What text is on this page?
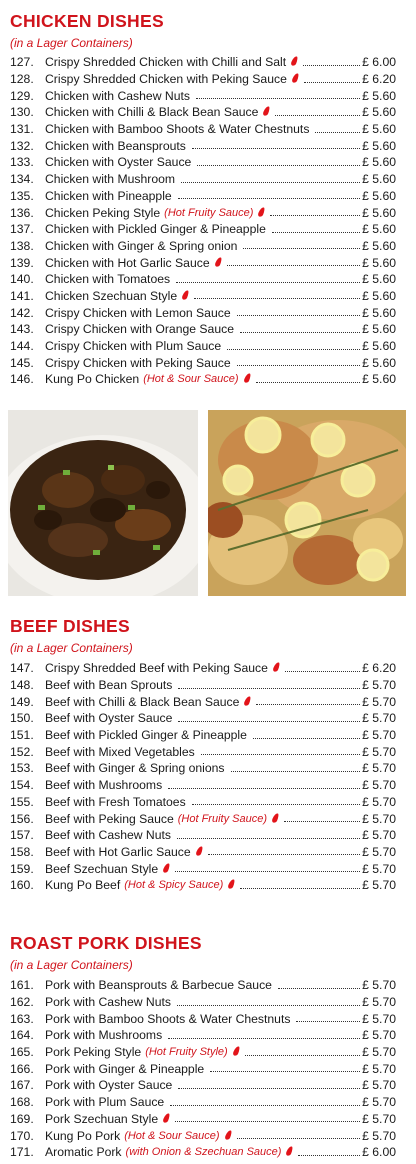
CHICKEN DISHES
(in a Lager Containers)
127. Crispy Shredded Chicken with Chilli and Salt	£ 6.00
128. Crispy Shredded Chicken with Peking Sauce	£ 6.20
129. Chicken with Cashew Nuts	£ 5.60
130. Chicken with Chilli & Black Bean Sauce	£ 5.60
131. Chicken with Bamboo Shoots & Water Chestnuts	£ 5.60
132. Chicken with Beansprouts	£ 5.60
133. Chicken with Oyster Sauce	£ 5.60
134. Chicken with Mushroom	£ 5.60
135. Chicken with Pineapple	£ 5.60
136. Chicken Peking Style (Hot Fruity Sauce)	£ 5.60
137. Chicken with Pickled Ginger & Pineapple	£ 5.60
138. Chicken with Ginger & Spring onion	£ 5.60
139. Chicken with Hot Garlic Sauce	£ 5.60
140. Chicken with Tomatoes	£ 5.60
141. Chicken Szechuan Style	£ 5.60
142. Crispy Chicken with Lemon Sauce	£ 5.60
143. Crispy Chicken with Orange Sauce	£ 5.60
144. Crispy Chicken with Plum Sauce	£ 5.60
145. Crispy Chicken with Peking Sauce	£ 5.60
146. Kung Po Chicken (Hot & Sour Sauce)	£ 5.60
BEEF DISHES
(in a Lager Containers)
147. Crispy Shredded Beef with Peking Sauce	£ 6.20
148. Beef with Bean Sprouts	£ 5.70
149. Beef with Chilli & Black Bean Sauce	£ 5.70
150. Beef with Oyster Sauce	£ 5.70
151. Beef with Pickled Ginger & Pineapple	£ 5.70
152. Beef with Mixed Vegetables	£ 5.70
153. Beef with Ginger & Spring onions	£ 5.70
154. Beef with Mushrooms	£ 5.70
155. Beef with Fresh Tomatoes	£ 5.70
156. Beef with Peking Sauce (Hot Fruity Sauce)	£ 5.70
157. Beef with Cashew Nuts	£ 5.70
158. Beef with Hot Garlic Sauce	£ 5.70
159. Beef Szechuan Style	£ 5.70
160. Kung Po Beef (Hot & Spicy Sauce)	£ 5.70
ROAST PORK DISHES
(in a Lager Containers)
161. Pork with Beansprouts & Barbecue Sauce	£ 5.70
162. Pork with Cashew Nuts	£ 5.70
163. Pork with Bamboo Shoots & Water Chestnuts	£ 5.70
164. Pork with Mushrooms	£ 5.70
165. Pork Peking Style (Hot Fruity Style)	£ 5.70
166. Pork with Ginger & Pineapple	£ 5.70
167. Pork with Oyster Sauce	£ 5.70
168. Pork with Plum Sauce	£ 5.70
169. Pork Szechuan Style	£ 5.70
170. Kung Po Pork (Hot & Sour Sauce)	£ 5.70
171. Aromatic Pork (with Onion & Szechuan Sauce)	£ 6.00
